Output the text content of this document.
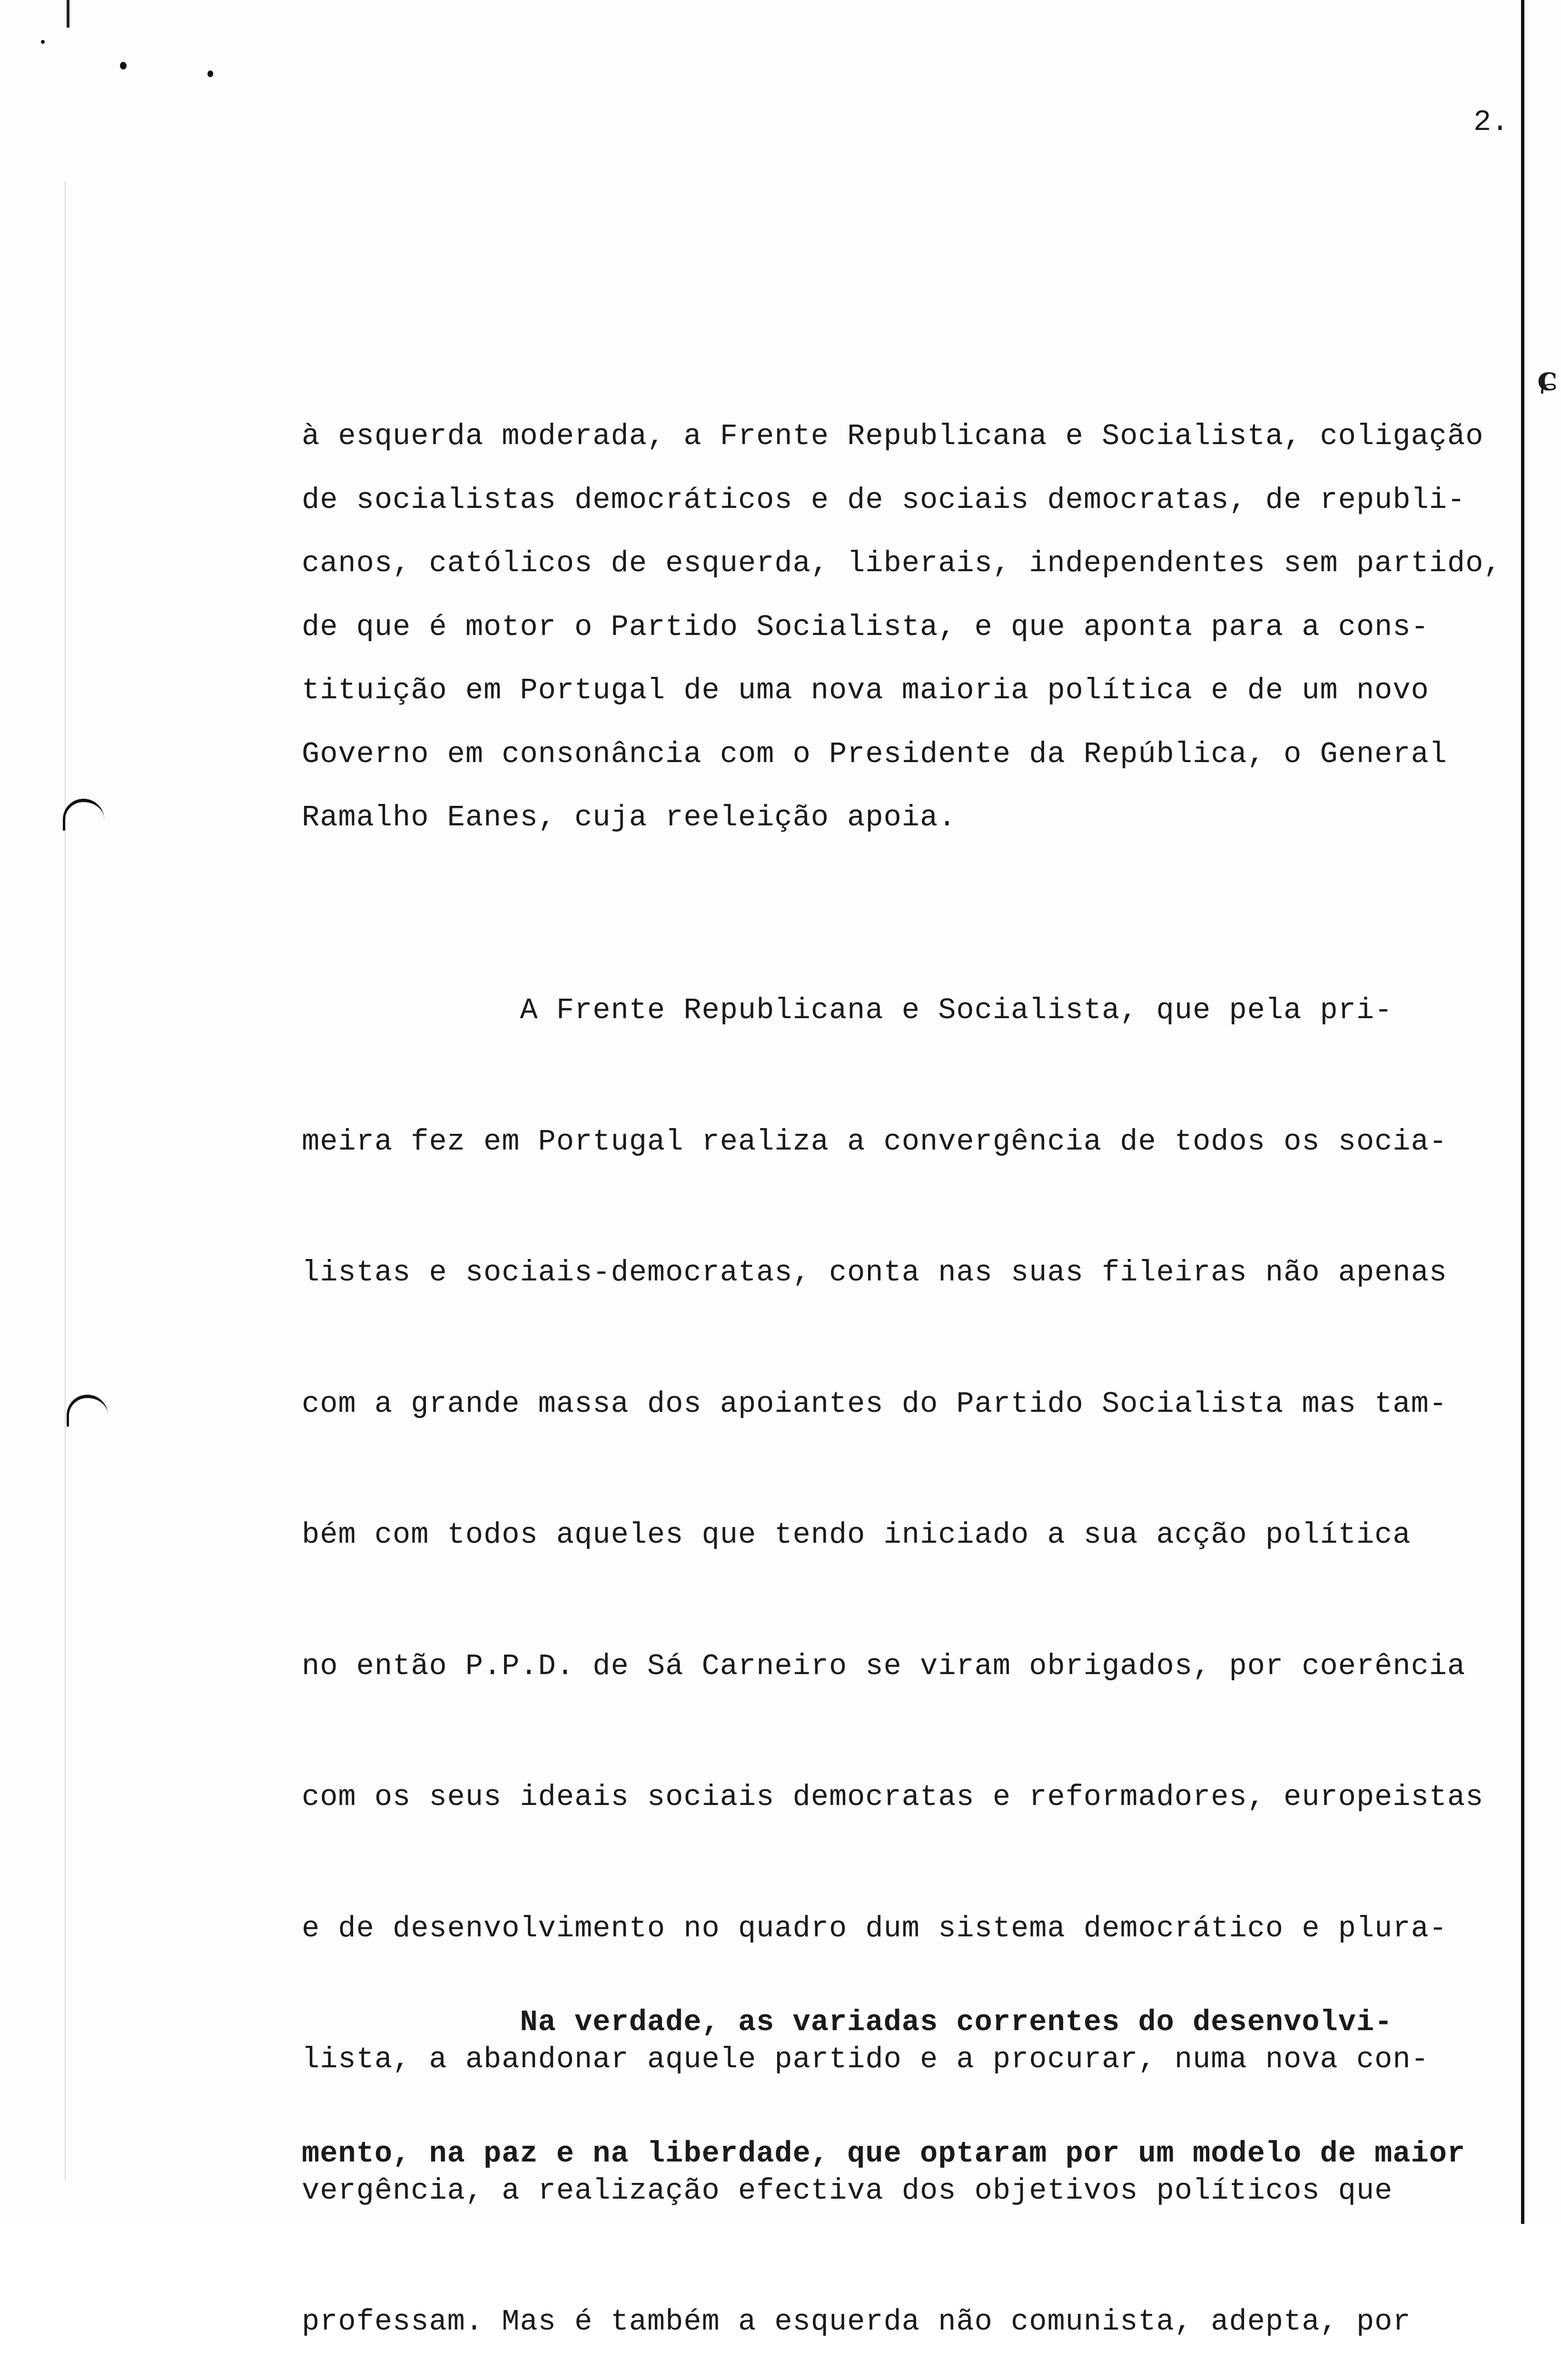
ɕ
2.
à esquerda moderada, a Frente Republicana e Socialista, coligação
de socialistas democráticos e de sociais democratas, de republi-
canos, católicos de esquerda, liberais, independentes sem partido,
de que é motor o Partido Socialista, e que aponta para a cons-
tituição em Portugal de uma nova maioria política e de um novo
Governo em consonância com o Presidente da República, o General
Ramalho Eanes, cuja reeleição apoia.

A Frente Republicana e Socialista, que pela pri-

meira fez em Portugal realiza a convergência de todos os socia-

listas e sociais-democratas, conta nas suas fileiras não apenas

com a grande massa dos apoiantes do Partido Socialista mas tam-

bém com todos aqueles que tendo iniciado a sua acção política

no então P.P.D. de Sá Carneiro se viram obrigados, por coerência

com os seus ideais sociais democratas e reformadores, europeistas

e de desenvolvimento no quadro dum sistema democrático e plura-

lista, a abandonar aquele partido e a procurar, numa nova con-

vergência, a realização efectiva dos objetivos políticos que

professam. Mas é também a esquerda não comunista, adepta, por

Na verdade, as variadas correntes do desenvolvi-

mento, na paz e na liberdade, que optaram por um modelo de maior
